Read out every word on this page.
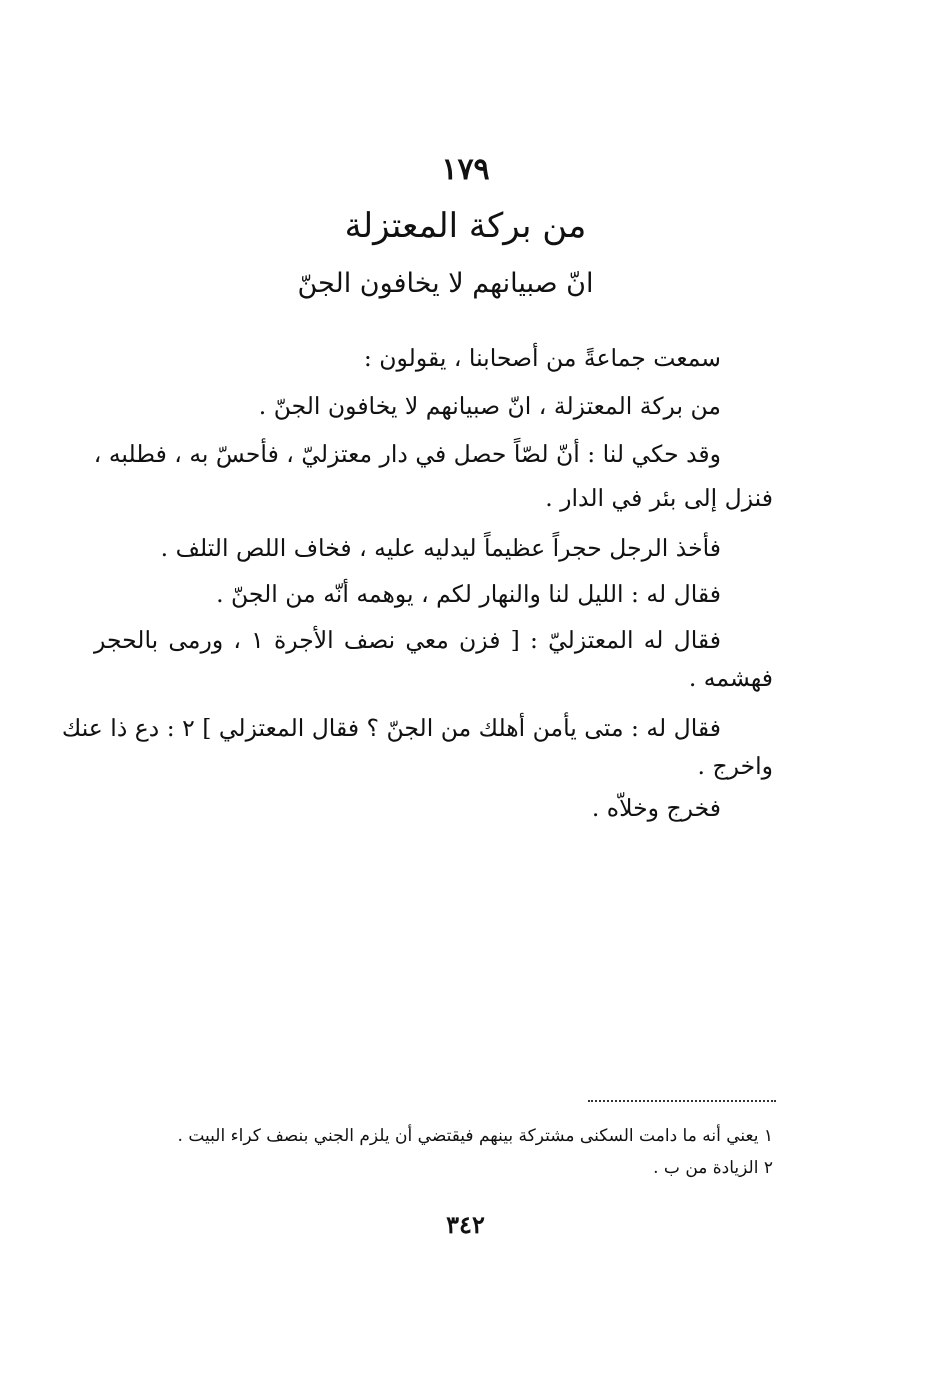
١٧٩
من بركة المعتزلة
انّ صبيانهم لا يخافون الجنّ
سمعت جماعةً من أصحابنا ، يقولون :
من بركة المعتزلة ، انّ صبيانهم لا يخافون الجنّ .
وقد حكي لنا : أنّ لصّاً حصل في دار معتزليّ ، فأحسّ به ، فطلبه ،
فنزل إلى بئر في الدار .
فأخذ الرجل حجراً عظيماً ليدليه عليه ، فخاف اللص التلف .
فقال له : الليل لنا والنهار لكم ، يوهمه أنّه من الجنّ .
فقال له المعتزليّ : [ فزن معي نصف الأجرة ١ ، ورمى بالحجر
فهشمه .
فقال له : متى يأمن أهلك من الجنّ ؟ فقال المعتزلي ] ٢ : دع ذا عنك
واخرج .
فخرج وخلاّه .
١ يعني أنه ما دامت السكنى مشتركة بينهم فيقتضي أن يلزم الجني بنصف كراء البيت .
٢ الزيادة من ب .
٣٤٢
